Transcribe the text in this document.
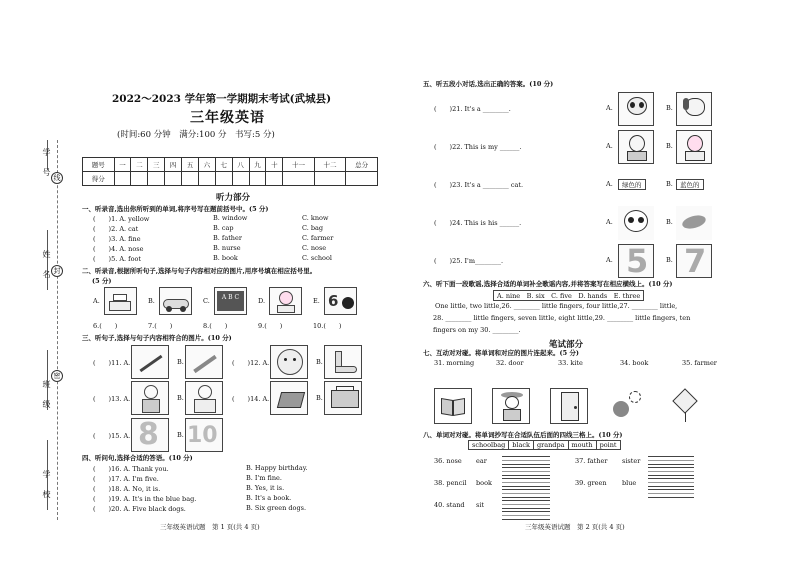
学　号 线
姓　名 封
班　级
密
学　校
2022～2023 学年第一学期期末考试(武城县)
三年级英语
(时间:60 分钟　满分:100 分　书写:5 分)
题号	一	二	三	四	五	六	七	八	九	十	十一	十二	总分
得分													
听力部分
一、听录音,选出你所听到的单词,将序号写在题前括号中。(5 分)
(　　)1. A. yellow	B. window	C. know
(　　)2. A. cat	B. cap	C. bag
(　　)3. A. fine	B. father	C. farmer
(　　)4. A. nose	B. nurse	C. nose
(　　)5. A. foot	B. book	C. school
二、听录音,根据所听句子,选择与句子内容相对应的图片,用序号填在相应括号里。
(5 分)
A.
6.(　　)
B.
7.(　　)
C.	A B C
8.(　　)
D.
9.(　　)
E. 6
10.(　　)
三、听句子,选择与句子内容相符合的图片。(10 分)
(　　)11. A.	B.	(　　)12. A.	B.
(　　)13. A.	B.	(　　)14. A.	B.
(　　)15. A. 8	B. 10
四、听问句,选择合适的答语。(10 分)
(　　)16. A. Thank you.	B. Happy birthday.
(　　)17. A. I'm five.	B. I'm fine.
(　　)18. A. No, it is.	B. Yes, it is.
(　　)19. A. It's in the blue bag.	B. It's a book.
(　　)20. A. Five black dogs.	B. Six green dogs.
三年级英语试题　第 1 页(共 4 页)
五、听五段小对话,选出正确的答案。(10 分)
(　　)21. It's a ________.	A.	B.
(　　)22. This is my ______.	A.	B.
(　　)23. It's a ________ cat.	A.	B.
绿色的	蓝色的
(　　)24. This is his ______.	A.	B.
(　　)25. I'm________.	A.	B.
5 7
六、听下面一段歌谣,选择合适的单词补全歌谣内容,并将答案写在相应横线上。(10 分)
A. nine　B. six　C. five　D. hands　E. three
One little, two little,26. ________ little fingers, four little,27. ________ little,
28. ________ little fingers, seven little, eight little,29. ________ little fingers, ten
fingers on my 30. ________.
笔试部分
七、互动对对碰。将单词和对应的图片连起来。(5 分)
31. morning	32. door	33. kite	34. book	35. farmer
八、单词对对碰。将单词抄写在合适队伍后面的四线三格上。(10 分)
schoolbag	black	grandpa	mouth	point
36. nose ear	37. father sister
38. pencil book	39. green blue
40. stand sit
三年级英语试题　第 2 页(共 4 页)
